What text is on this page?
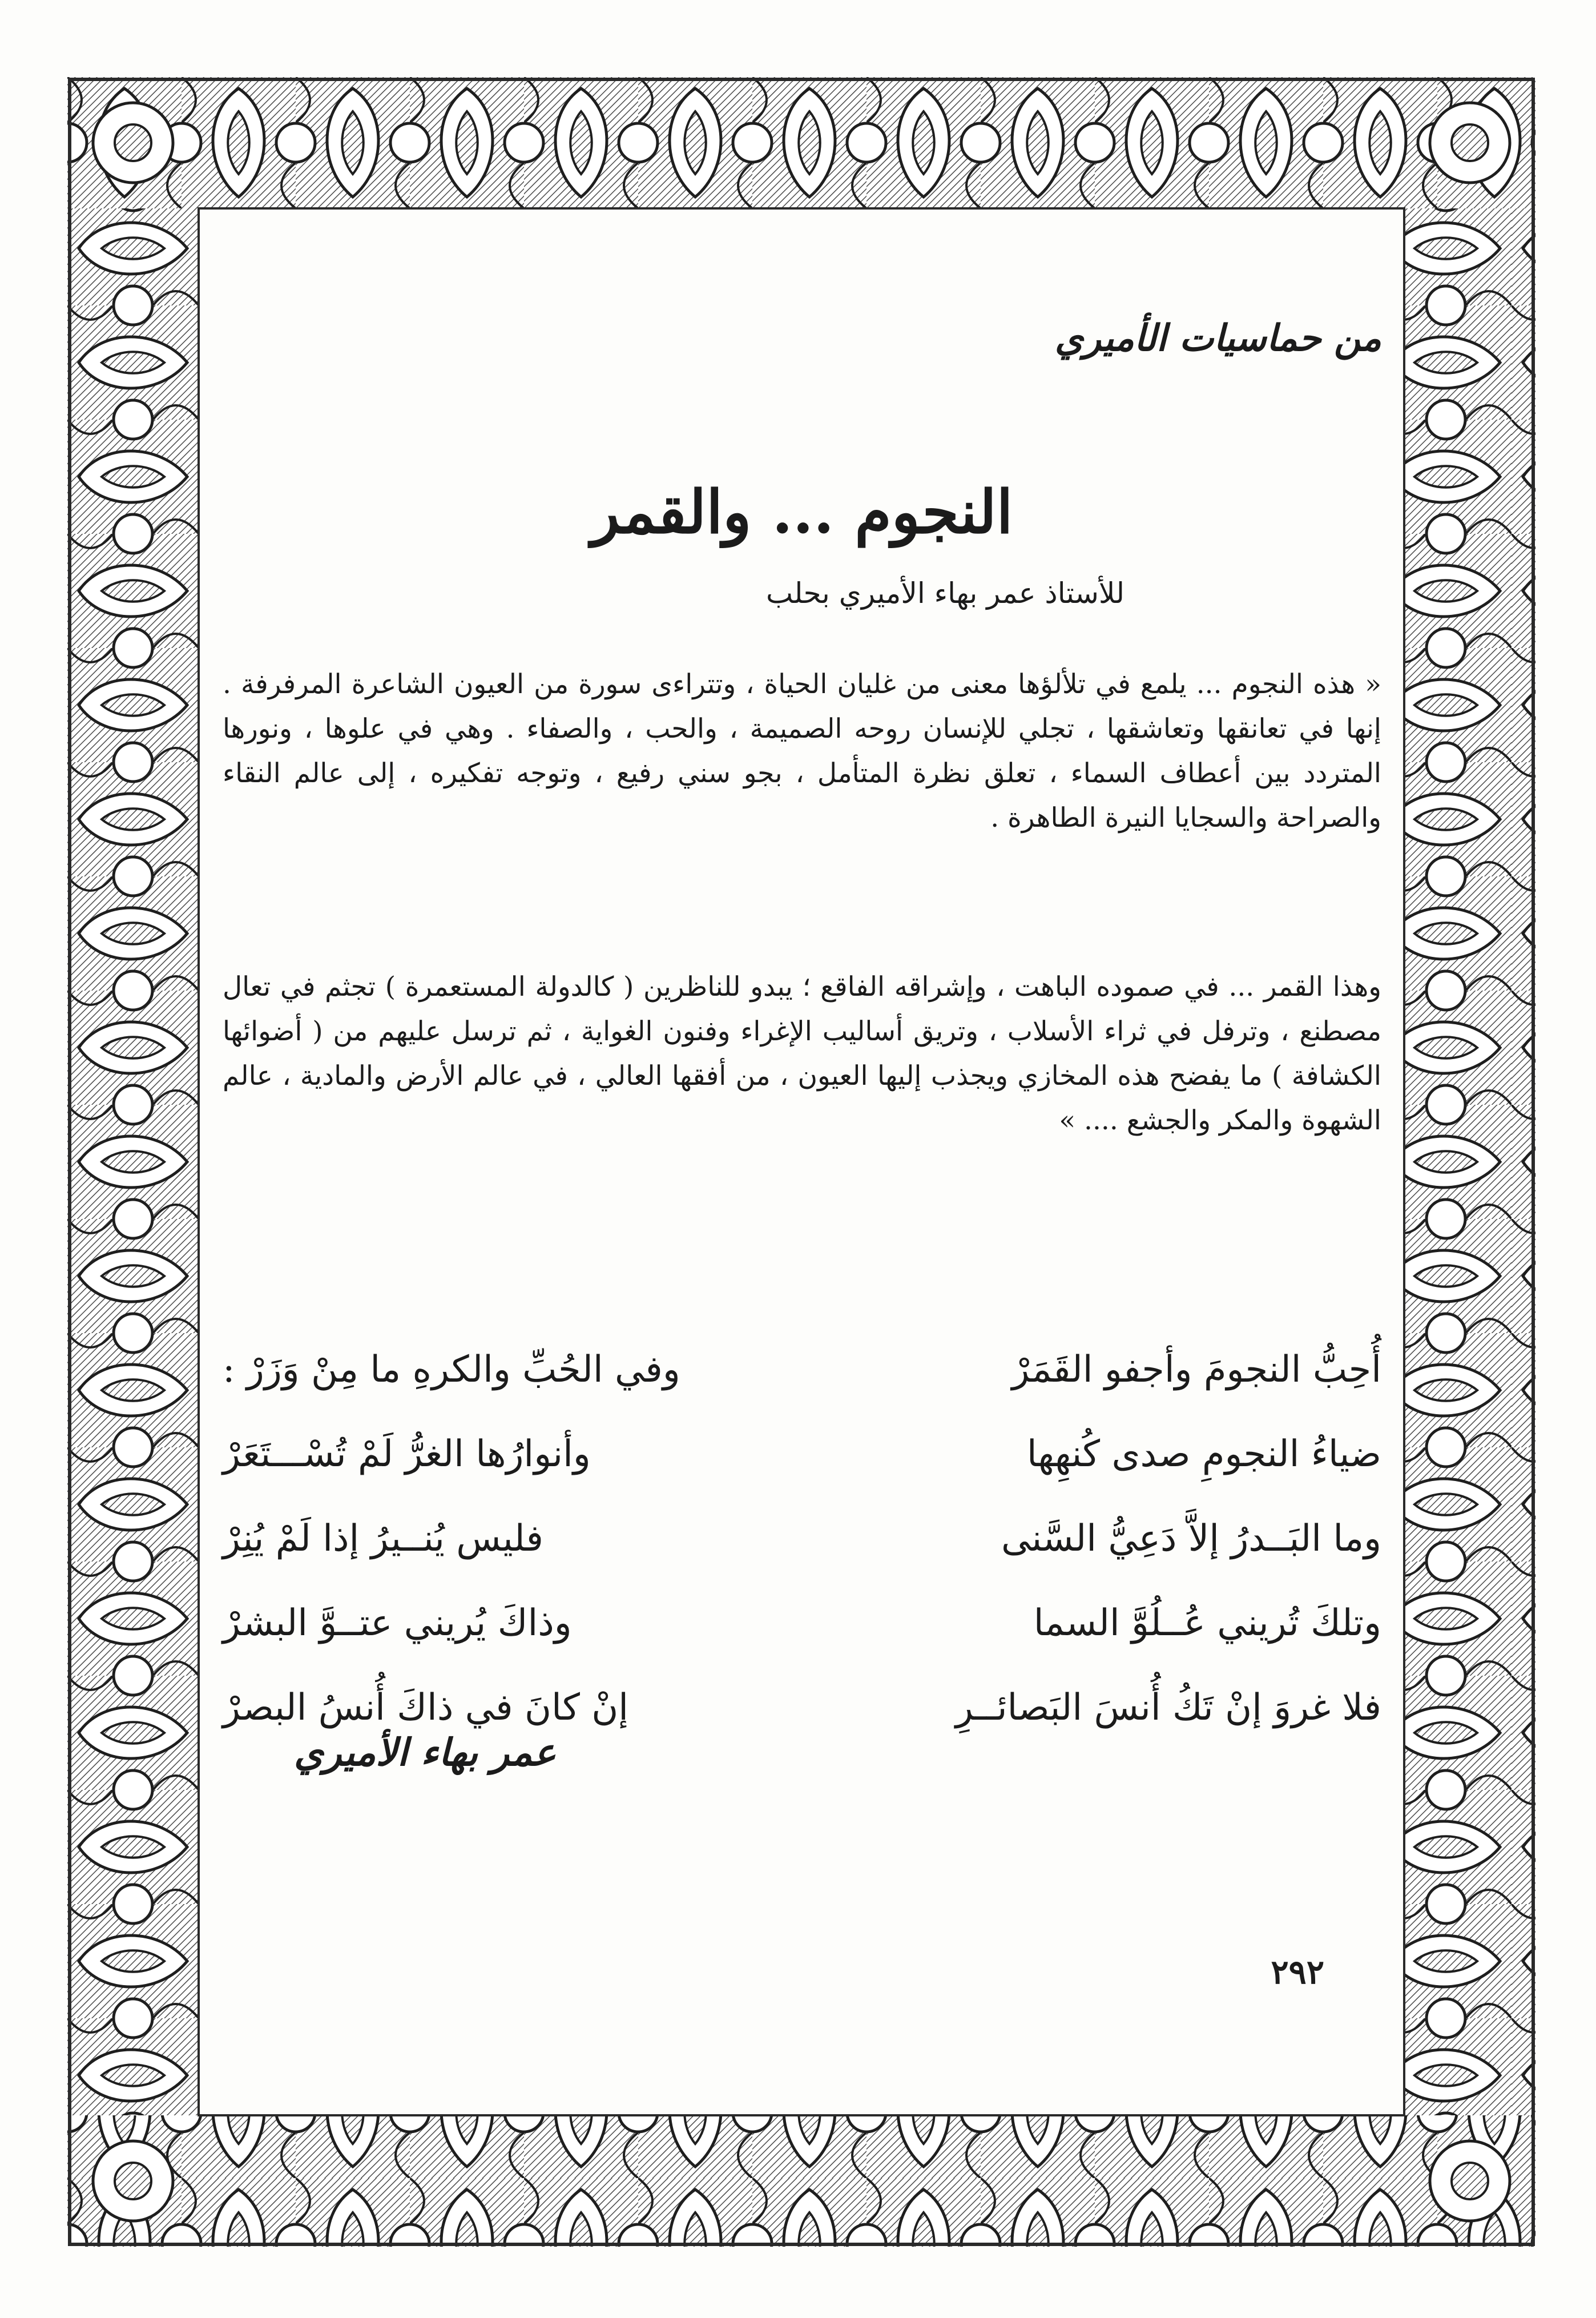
من حماسيات الأميري
النجوم ... والقمر
للأستاذ عمر بهاء الأميري بحلب

« هذه النجوم ... يلمع في تلألؤها معنى من غليان الحياة ، وتتراءى سورة من العيون الشاعرة المرفرفة . إنها في تعانقها وتعاشقها ، تجلي للإنسان روحه الصميمة ، والحب ، والصفاء . وهي في علوها ، ونورها المتردد بين أعطاف السماء ، تعلق نظرة المتأمل ، بجو سني رفيع ، وتوجه تفكيره ، إلى عالم النقاء والصراحة والسجايا النيرة الطاهرة .

وهذا القمر ... في صموده الباهت ، وإشراقه الفاقع ؛ يبدو للناظرين ( كالدولة المستعمرة ) تجثم في تعال مصطنع ، وترفل في ثراء الأسلاب ، وتريق أساليب الإغراء وفنون الغواية ، ثم ترسل عليهم من ( أضوائها الكشافة ) ما يفضح هذه المخازي ويجذب إليها العيون ، من أفقها العالي ، في عالم الأرض والمادية ، عالم الشهوة والمكر والجشع .... »

أُحِبُّ النجومَ وأجفو القَمَرْ
وفي الحُبِّ والكرهِ ما مِنْ وَزَرْ :
ضياءُ النجومِ صدى كُنهِها
وأنوارُها الغرُّ لَمْ تُسْـــتَعَرْ
وما البَــدرُ إلاَّ دَعِيُّ السَّنى
فليس يُنــيرُ إذا لَمْ يُنِرْ
وتلكَ تُريني عُــلُوَّ السما
وذاكَ يُريني عتــوَّ البشرْ
فلا غروَ إنْ تَكُ أُنسَ البَصائــرِ
إنْ كانَ في ذاكَ أُنسُ البصرْ
عمر بهاء الأميري
٢٩٢
